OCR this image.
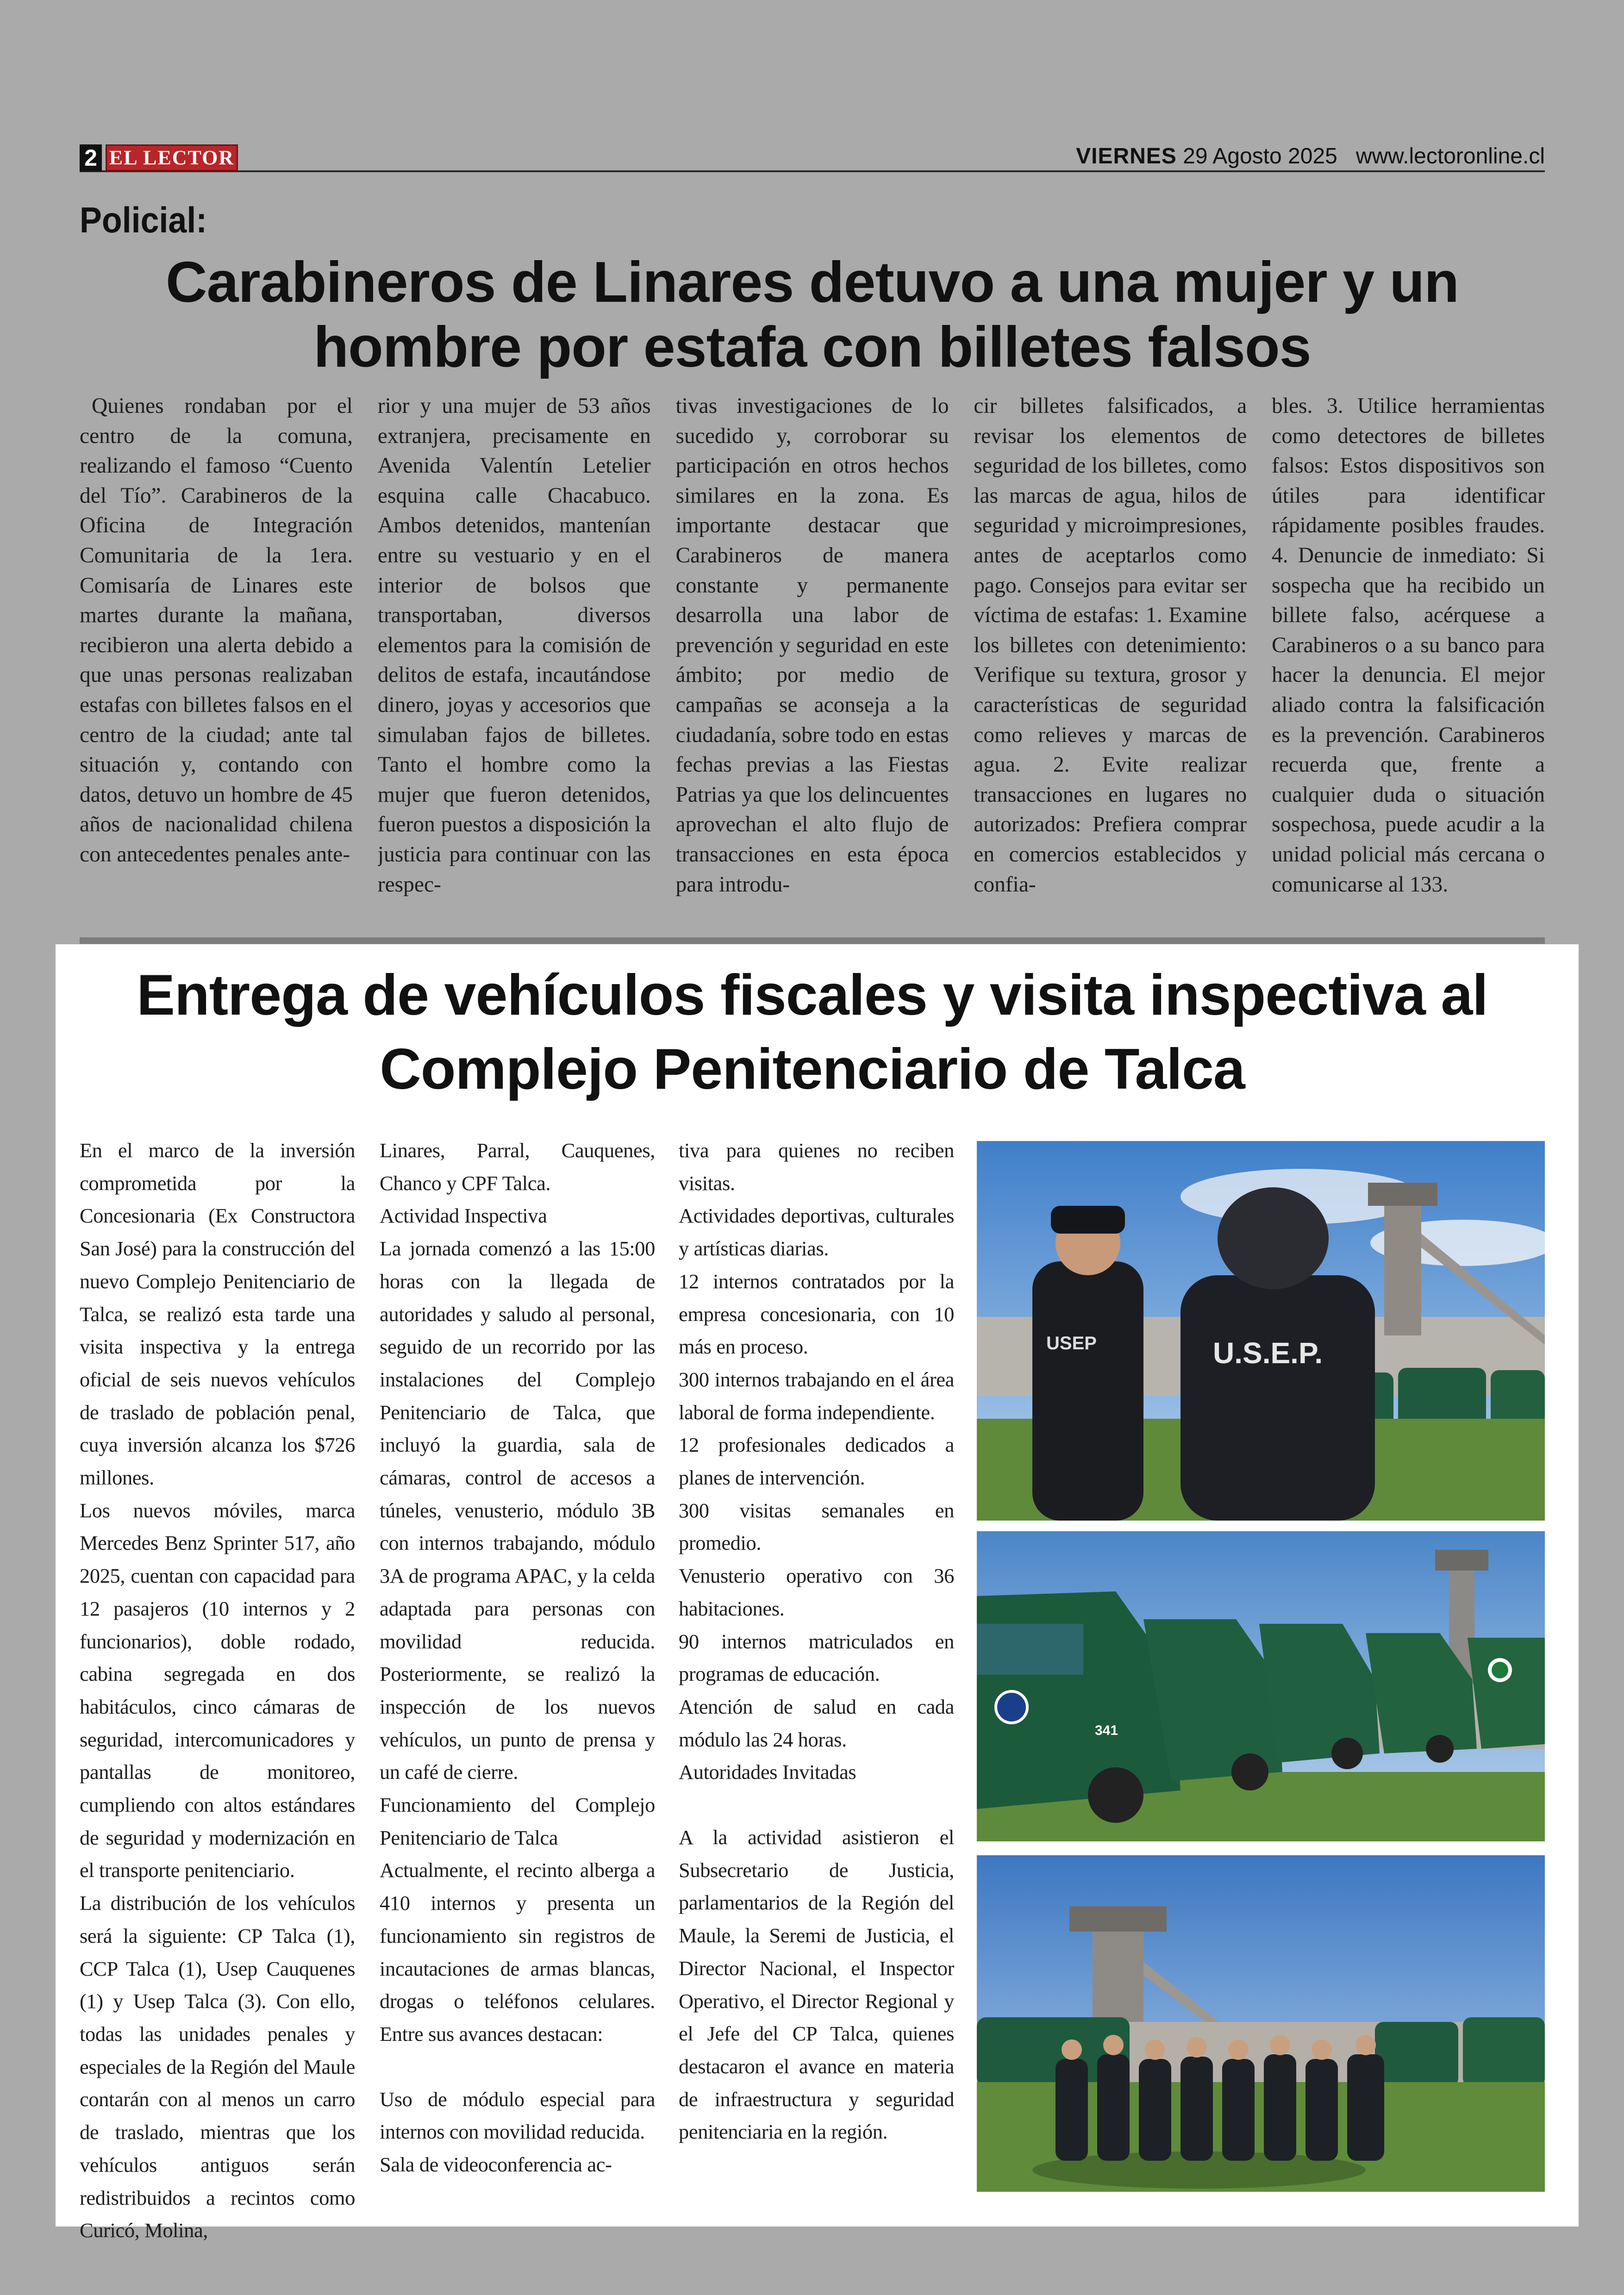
2 EL LECTOR	VIERNES 29 Agosto 2025 www.lectoronline.cl
Policial:
Carabineros de Linares detuvo a una mujer y un hombre por estafa con billetes falsos
Quienes rondaban por el centro de la comuna, realizando el famoso “Cuento del Tío”. Carabineros de la Oficina de Integración Comunitaria de la 1era. Comisaría de Linares este martes durante la mañana, recibieron una alerta debido a que unas personas realizaban estafas con billetes falsos en el centro de la ciudad; ante tal situación y, contando con datos, detuvo un hombre de 45 años de nacionalidad chilena con antecedentes penales ante-
rior y una mujer de 53 años extranjera, precisamente en Avenida Valentín Letelier esquina calle Chacabuco. Ambos detenidos, mantenían entre su vestuario y en el interior de bolsos que transportaban, diversos elementos para la comisión de delitos de estafa, incautándose dinero, joyas y accesorios que simulaban fajos de billetes. Tanto el hombre como la mujer que fueron detenidos, fueron puestos a disposición la justicia para continuar con las respec-
tivas investigaciones de lo sucedido y, corroborar su participación en otros hechos similares en la zona. Es importante destacar que Carabineros de manera constante y permanente desarrolla una labor de prevención y seguridad en este ámbito; por medio de campañas se aconseja a la ciudadanía, sobre todo en estas fechas previas a las Fiestas Patrias ya que los delincuentes aprovechan el alto flujo de transacciones en esta época para introdu-
cir billetes falsificados, a revisar los elementos de seguridad de los billetes, como las marcas de agua, hilos de seguridad y microimpresiones, antes de aceptarlos como pago. Consejos para evitar ser víctima de estafas: 1. Examine los billetes con detenimiento: Verifique su textura, grosor y características de seguridad como relieves y marcas de agua. 2. Evite realizar transacciones en lugares no autorizados: Prefiera comprar en comercios establecidos y confia-
bles. 3. Utilice herramientas como detectores de billetes falsos: Estos dispositivos son útiles para identificar rápidamente posibles fraudes. 4. Denuncie de inmediato: Si sospecha que ha recibido un billete falso, acérquese a Carabineros o a su banco para hacer la denuncia. El mejor aliado contra la falsificación es la prevención. Carabineros recuerda que, frente a cualquier duda o situación sospechosa, puede acudir a la unidad policial más cercana o comunicarse al 133.
Entrega de vehículos fiscales y visita inspectiva al Complejo Penitenciario de Talca

En el marco de la inversión comprometida por la Concesionaria (Ex Constructora San José) para la construcción del nuevo Complejo Penitenciario de Talca, se realizó esta tarde una visita inspectiva y la entrega oficial de seis nuevos vehículos de traslado de población penal, cuya inversión alcanza los $726 millones.

Los nuevos móviles, marca Mercedes Benz Sprinter 517, año 2025, cuentan con capacidad para 12 pasajeros (10 internos y 2 funcionarios), doble rodado, cabina segregada en dos habitáculos, cinco cámaras de seguridad, intercomunicadores y pantallas de monitoreo, cumpliendo con altos estándares de seguridad y modernización en el transporte penitenciario.

La distribución de los vehículos será la siguiente: CP Talca (1), CCP Talca (1), Usep Cauquenes (1) y Usep Talca (3). Con ello, todas las unidades penales y especiales de la Región del Maule contarán con al menos un carro de traslado, mientras que los vehículos antiguos serán redistribuidos a recintos como Curicó, Molina,

Linares, Parral, Cauquenes, Chanco y CPF Talca.

Actividad Inspectiva

La jornada comenzó a las 15:00 horas con la llegada de autoridades y saludo al personal, seguido de un recorrido por las instalaciones del Complejo Penitenciario de Talca, que incluyó la guardia, sala de cámaras, control de accesos a túneles, venusterio, módulo 3B con internos trabajando, módulo 3A de programa APAC, y la celda adaptada para personas con movilidad reducida. Posteriormente, se realizó la inspección de los nuevos vehículos, un punto de prensa y un café de cierre.

Funcionamiento del Complejo Penitenciario de Talca

Actualmente, el recinto alberga a 410 internos y presenta un funcionamiento sin registros de incautaciones de armas blancas, drogas o teléfonos celulares. Entre sus avances destacan:

Uso de módulo especial para internos con movilidad reducida.

Sala de videoconferencia ac-

tiva para quienes no reciben visitas.

Actividades deportivas, culturales y artísticas diarias.

12 internos contratados por la empresa concesionaria, con 10 más en proceso.

300 internos trabajando en el área laboral de forma independiente.

12 profesionales dedicados a planes de intervención.

300 visitas semanales en promedio.

Venusterio operativo con 36 habitaciones.

90 internos matriculados en programas de educación.

Atención de salud en cada módulo las 24 horas.

Autoridades Invitadas

A la actividad asistieron el Subsecretario de Justicia, parlamentarios de la Región del Maule, la Seremi de Justicia, el Director Nacional, el Inspector Operativo, el Director Regional y el Jefe del CP Talca, quienes destacaron el avance en materia de infraestructura y seguridad penitenciaria en la región.

U.S.E.P.
USEP
341
